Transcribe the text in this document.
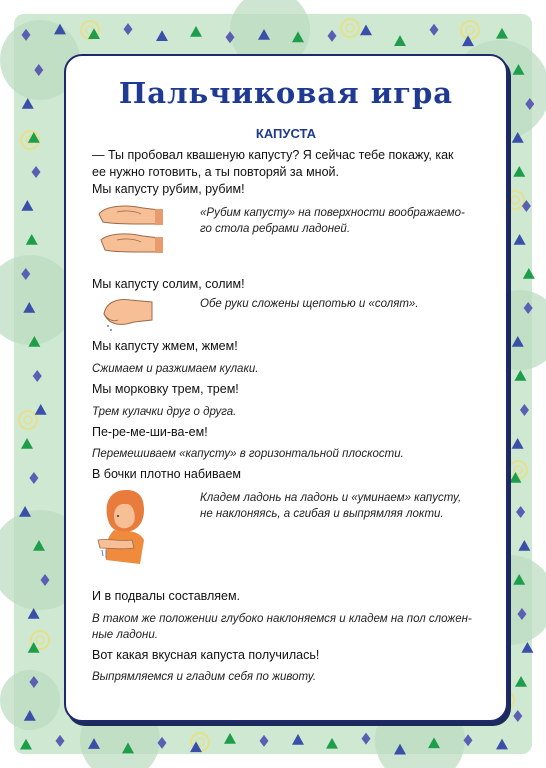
Пальчиковая игра
КАПУСТА
— Ты пробовал квашеную капусту? Я сейчас тебе покажу, как
ее нужно готовить, а ты повторяй за мной.
Мы капусту рубим, рубим!
«Рубим капусту» на поверхности воображаемо-
го стола ребрами ладоней.
Мы капусту солим, солим!
Обе руки сложены щепотью и «солят».
Мы капусту жмем, жмем!
Сжимаем и разжимаем кулаки.
Мы морковку трем, трем!
Трем кулачки друг о друга.
Пе-ре-ме-ши-ва-ем!
Перемешиваем «капусту» в горизонтальной плоскости.
В бочки плотно набиваем
Кладем ладонь на ладонь и «уминаем» капусту,
не наклоняясь, а сгибая и выпрямляя локти.
И в подвалы составляем.
В таком же положении глубоко наклоняемся и кладем на пол сложен-
ные ладони.
Вот какая вкусная капуста получилась!
Выпрямляемся и гладим себя по животу.
